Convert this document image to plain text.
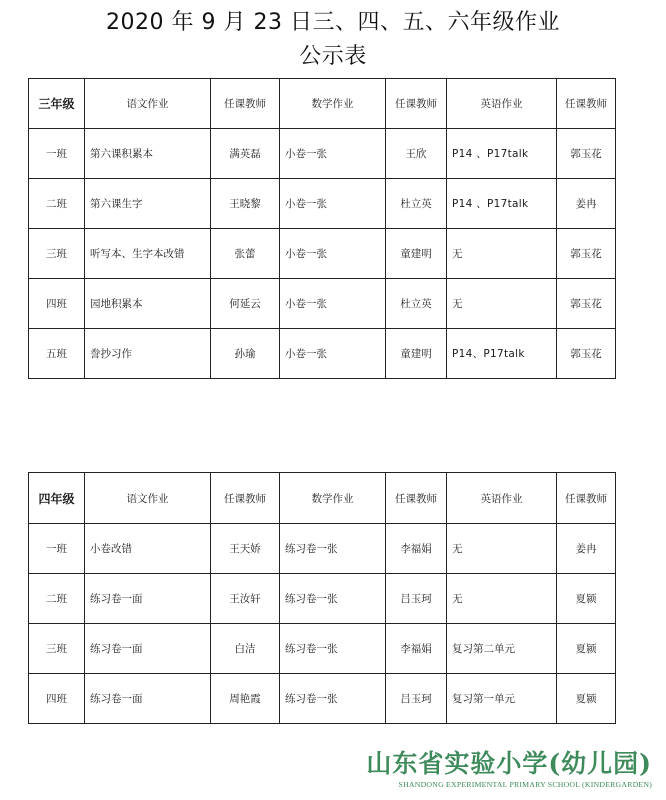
2020 年 9 月 23 日三、四、五、六年级作业
公示表
三年级	语文作业	任课教师	数学作业	任课教师	英语作业	任课教师
一班	第六课积累本	满英磊	小卷一张	王欣	P14 、P17talk	郭玉花
二班	第六课生字	王晓黎	小卷一张	杜立英	P14 、P17talk	姜冉
三班	听写本、生字本改错	张蕾	小卷一张	童建明	无	郭玉花
四班	园地积累本	何延云	小卷一张	杜立英	无	郭玉花
五班	誊抄习作	孙瑜	小卷一张	童建明	P14、P17talk	郭玉花
四年级	语文作业	任课教师	数学作业	任课教师	英语作业	任课教师
一班	小卷改错	王天娇	练习卷一张	李福娟	无	姜冉
二班	练习卷一面	王汝轩	练习卷一张	吕玉珂	无	夏颍
三班	练习卷一面	白洁	练习卷一张	李福娟	复习第二单元	夏颍
四班	练习卷一面	周艳霞	练习卷一张	吕玉珂	复习第一单元	夏颍
山东省实验小学(幼儿园)
SHANDONG EXPERIMENTAL PRIMARY SCHOOL (KINDERGARDEN)
